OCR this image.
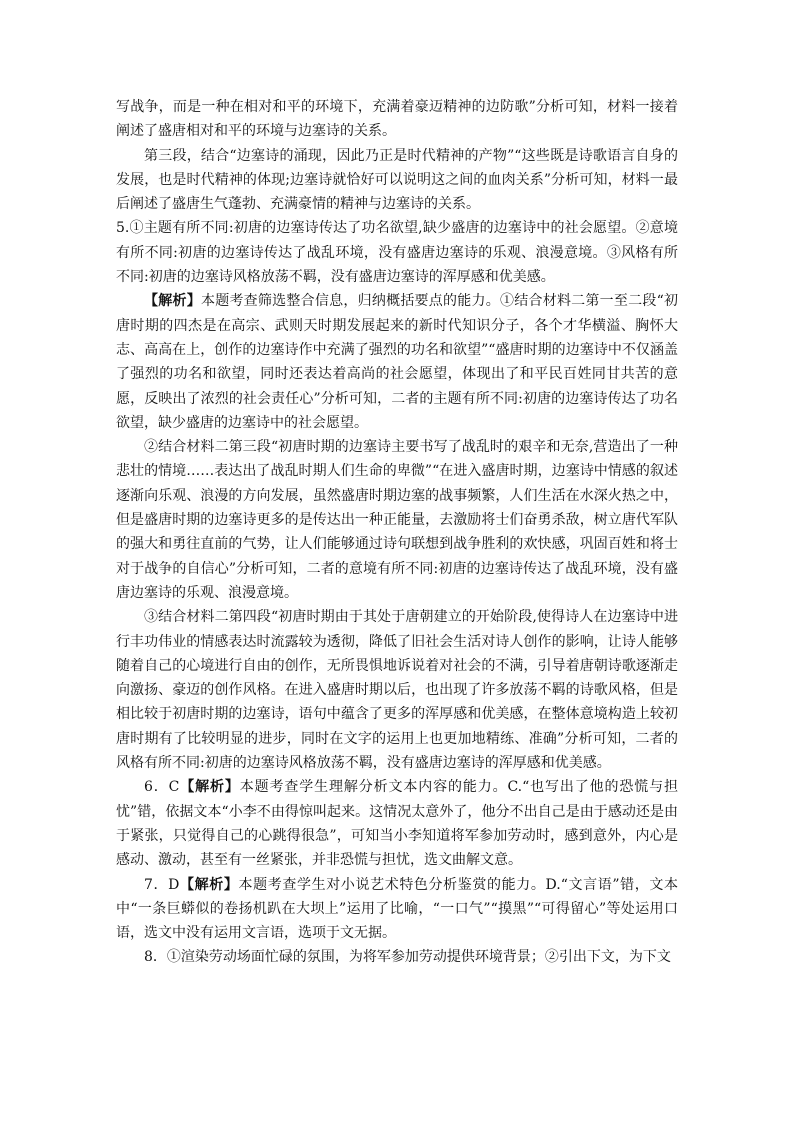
写战争，而是一种在相对和平的环境下，充满着豪迈精神的边防歌”分析可知，材料一接着阐述了盛唐相对和平的环境与边塞诗的关系。

第三段，结合“边塞诗的涌现，因此乃正是时代精神的产物”“这些既是诗歌语言自身的发展，也是时代精神的体现;边塞诗就恰好可以说明这之间的血肉关系”分析可知，材料一最后阐述了盛唐生气蓬勃、充满豪情的精神与边塞诗的关系。

5.①主题有所不同:初唐的边塞诗传达了功名欲望,缺少盛唐的边塞诗中的社会愿望。②意境有所不同:初唐的边塞诗传达了战乱环境，没有盛唐边塞诗的乐观、浪漫意境。③风格有所不同:初唐的边塞诗风格放荡不羁，没有盛唐边塞诗的浑厚感和优美感。

【解析】本题考查筛选整合信息，归纳概括要点的能力。①结合材料二第一至二段“初唐时期的四杰是在高宗、武则天时期发展起来的新时代知识分子，各个才华横溢、胸怀大志、高高在上，创作的边塞诗作中充满了强烈的功名和欲望”“盛唐时期的边塞诗中不仅涵盖了强烈的功名和欲望，同时还表达着高尚的社会愿望，体现出了和平民百姓同甘共苦的意愿，反映出了浓烈的社会责任心”分析可知，二者的主题有所不同:初唐的边塞诗传达了功名欲望，缺少盛唐的边塞诗中的社会愿望。

②结合材料二第三段“初唐时期的边塞诗主要书写了战乱时的艰辛和无奈,营造出了一种悲壮的情境……表达出了战乱时期人们生命的卑微”“在进入盛唐时期，边塞诗中情感的叙述逐渐向乐观、浪漫的方向发展，虽然盛唐时期边塞的战事频繁，人们生活在水深火热之中，但是盛唐时期的边塞诗更多的是传达出一种正能量，去激励将士们奋勇杀敌，树立唐代军队的强大和勇往直前的气势，让人们能够通过诗句联想到战争胜利的欢快感，巩固百姓和将士对于战争的自信心”分析可知，二者的意境有所不同:初唐的边塞诗传达了战乱环境，没有盛唐边塞诗的乐观、浪漫意境。

③结合材料二第四段“初唐时期由于其处于唐朝建立的开始阶段,使得诗人在边塞诗中进行丰功伟业的情感表达时流露较为透彻，降低了旧社会生活对诗人创作的影响，让诗人能够随着自己的心境进行自由的创作，无所畏惧地诉说着对社会的不满，引导着唐朝诗歌逐渐走向激扬、豪迈的创作风格。在进入盛唐时期以后，也出现了许多放荡不羁的诗歌风格，但是相比较于初唐时期的边塞诗，语句中蕴含了更多的浑厚感和优美感，在整体意境构造上较初唐时期有了比较明显的进步，同时在文字的运用上也更加地精练、准确”分析可知，二者的风格有所不同:初唐的边塞诗风格放荡不羁，没有盛唐边塞诗的浑厚感和优美感。

6．C【解析】本题考查学生理解分析文本内容的能力。C.“也写出了他的恐慌与担忧”错，依据文本“小李不由得惊叫起来。这情况太意外了，他分不出自己是由于感动还是由于紧张，只觉得自己的心跳得很急”，可知当小李知道将军参加劳动时，感到意外，内心是感动、激动，甚至有一丝紧张，并非恐慌与担忧，选文曲解文意。

7．D【解析】本题考查学生对小说艺术特色分析鉴赏的能力。D.“文言语”错，文本中“一条巨蟒似的卷扬机趴在大坝上”运用了比喻，“一口气”“摸黑”“可得留心”等处运用口语，选文中没有运用文言语，选项于文无据。

8．①渲染劳动场面忙碌的氛围，为将军参加劳动提供环境背景；②引出下文，为下文
